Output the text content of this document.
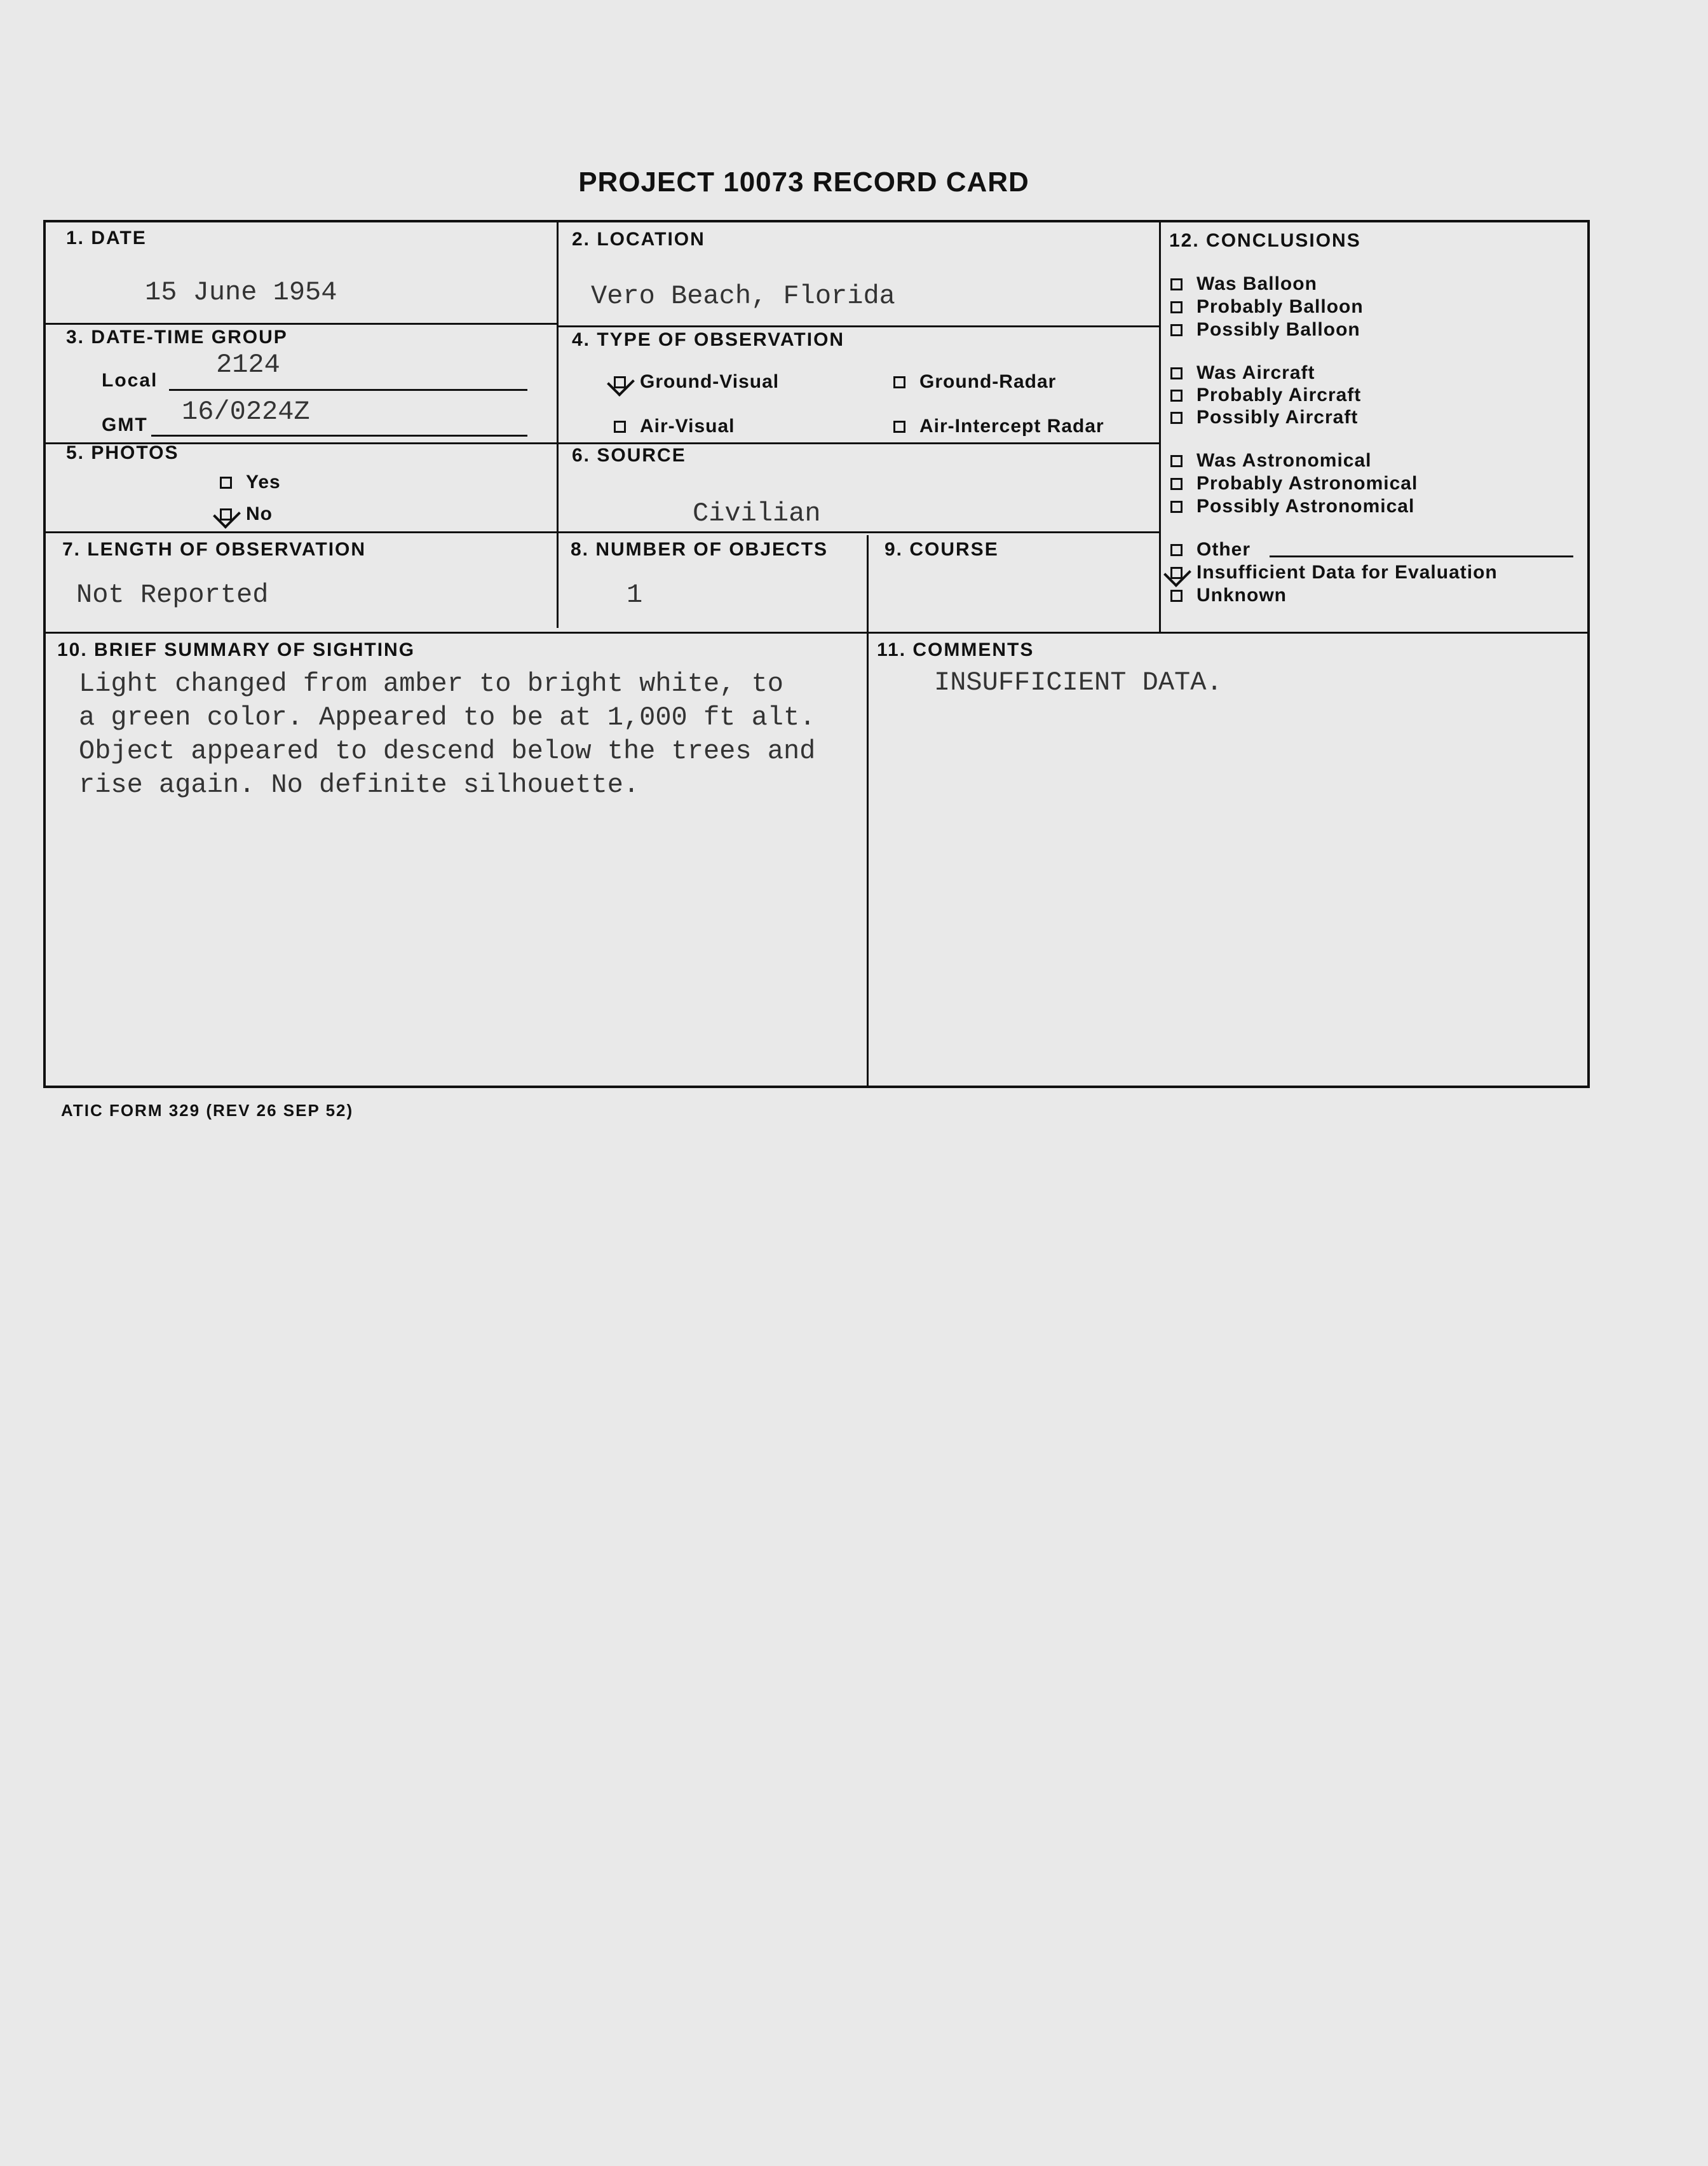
PROJECT 10073 RECORD CARD
1. DATE
15 June 1954
2. LOCATION
Vero Beach, Florida
3. DATE-TIME GROUP
Local
2124
GMT 16/0224Z
4. TYPE OF OBSERVATION
Ground-Visual	Ground-Radar
Air-Visual	Air-Intercept Radar
5. PHOTOS
Yes
No
6. SOURCE
Civilian
7. LENGTH OF OBSERVATION
Not Reported
8. NUMBER OF OBJECTS
1
9. COURSE
10. BRIEF SUMMARY OF SIGHTING
Light changed from amber to bright white, to
a green color. Appeared to be at 1,000 ft alt.
Object appeared to descend below the trees and
rise again. No definite silhouette.
11. COMMENTS
INSUFFICIENT DATA.
12. CONCLUSIONS
Was Balloon
Probably Balloon
Possibly Balloon
Was Aircraft
Probably Aircraft
Possibly Aircraft
Was Astronomical
Probably Astronomical
Possibly Astronomical
Other
Insufficient Data for Evaluation
Unknown
ATIC FORM 329 (REV 26 SEP 52)
